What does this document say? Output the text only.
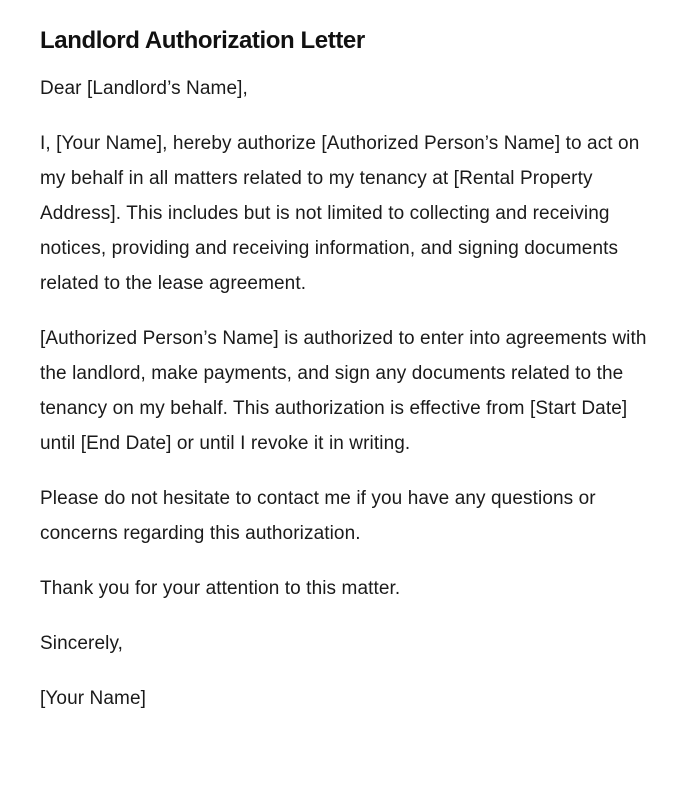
Landlord Authorization Letter

Dear [Landlord’s Name],

I, [Your Name], hereby authorize [Authorized Person’s Name] to act on my behalf in all matters related to my tenancy at [Rental Property Address]. This includes but is not limited to collecting and receiving notices, providing and receiving information, and signing documents related to the lease agreement.

[Authorized Person’s Name] is authorized to enter into agreements with the landlord, make payments, and sign any documents related to the tenancy on my behalf. This authorization is effective from [Start Date] until [End Date] or until I revoke it in writing.

Please do not hesitate to contact me if you have any questions or concerns regarding this authorization.

Thank you for your attention to this matter.

Sincerely,

[Your Name]
